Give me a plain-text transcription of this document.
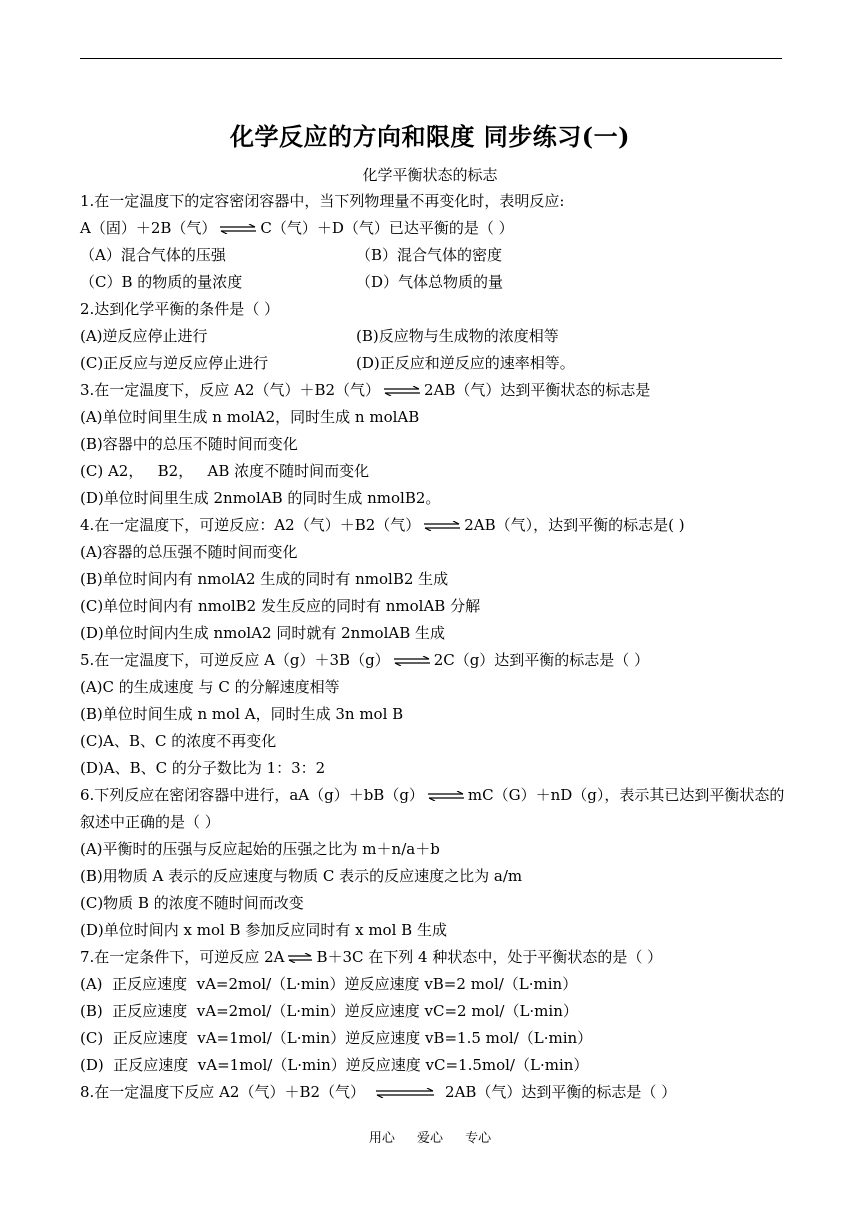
化学反应的方向和限度 同步练习(一)
化学平衡状态的标志
1.在一定温度下的定容密闭容器中，当下列物理量不再变化时，表明反应:
A（固）＋2B（气） ⇌ C（气）＋D（气）已达平衡的是（ ）
（A）混合气体的压强	（B）混合气体的密度
（C）B 的物质的量浓度	（D）气体总物质的量
2.达到化学平衡的条件是（ ）
(A)逆反应停止进行	(B)反应物与生成物的浓度相等
(C)正反应与逆反应停止进行	(D)正反应和逆反应的速率相等。
3.在一定温度下，反应 A2（气）＋B2（气） ⇌ 2AB（气）达到平衡状态的标志是
(A)单位时间里生成 n molA2，同时生成 n molAB
(B)容器中的总压不随时间而变化
(C) A2，   B2，   AB 浓度不随时间而变化
(D)单位时间里生成 2nmolAB 的同时生成 nmolB2。
4.在一定温度下，可逆反应：A2（气）＋B2（气） ⇌ 2AB（气），达到平衡的标志是( )
(A)容器的总压强不随时间而变化
(B)单位时间内有 nmolA2 生成的同时有 nmolB2 生成
(C)单位时间内有 nmolB2 发生反应的同时有 nmolAB 分解
(D)单位时间内生成 nmolA2 同时就有 2nmolAB 生成
5.在一定温度下，可逆反应 A（g）＋3B（g） ⇌ 2C（g）达到平衡的标志是（ ）
(A)C 的生成速度 与 C 的分解速度相等
(B)单位时间生成 n mol A，同时生成 3n mol B
(C)A、B、C 的浓度不再变化
(D)A、B、C 的分子数比为 1：3：2
6.下列反应在密闭容器中进行，aA（g）＋bB（g） ⇌ mC（G）＋nD（g），表示其已达到平衡状态的叙述中正确的是（ ）
(A)平衡时的压强与反应起始的压强之比为 m＋n/a＋b
(B)用物质 A 表示的反应速度与物质 C 表示的反应速度之比为 a/m
(C)物质 B 的浓度不随时间而改变
(D)单位时间内 x mol B 参加反应同时有 x mol B 生成
7.在一定条件下，可逆反应 2A ⇌ B＋3C 在下列 4 种状态中，处于平衡状态的是（ ）
(A)  正反应速度  vA=2mol/（L·min）逆反应速度 vB=2 mol/（L·min）
(B)  正反应速度  vA=2mol/（L·min）逆反应速度 vC=2 mol/（L·min）
(C)  正反应速度  vA=1mol/（L·min）逆反应速度 vB=1.5 mol/（L·min）
(D)  正反应速度  vA=1mol/（L·min）逆反应速度 vC=1.5mol/（L·min）
8.在一定温度下反应 A2（气）＋B2（气） ⇌ 2AB（气）达到平衡的标志是（ ）
用心 爱心 专心
